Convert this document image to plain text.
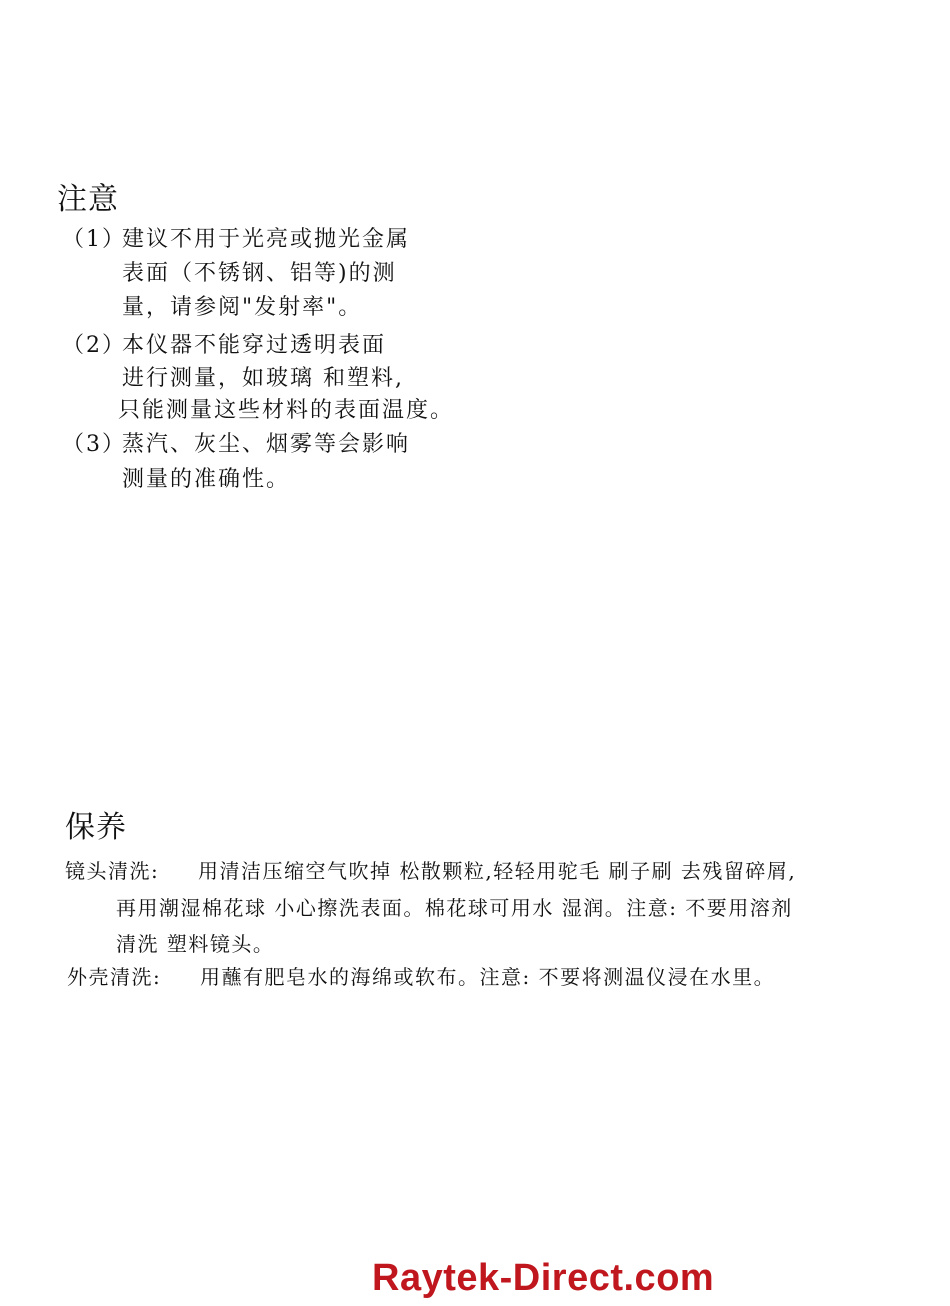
注意
（1）
建议不用于光亮或抛光金属
表面（不锈钢、铝等)的测
量，请参阅"发射率"。
（2）
本仪器不能穿过透明表面
进行测量，如玻璃 和塑料,
只能测量这些材料的表面温度。
（3）
蒸汽、灰尘、烟雾等会影响
测量的准确性。
保养
镜头清洗: 用清洁压缩空气吹掉 松散颗粒,轻轻用驼毛 刷子刷 去残留碎屑,
再用潮湿棉花球 小心擦洗表面。棉花球可用水 湿润。注意: 不要用溶剂
清洗 塑料镜头。
外壳清洗: 用蘸有肥皂水的海绵或软布。注意: 不要将测温仪浸在水里。
Raytek-Direct.com
